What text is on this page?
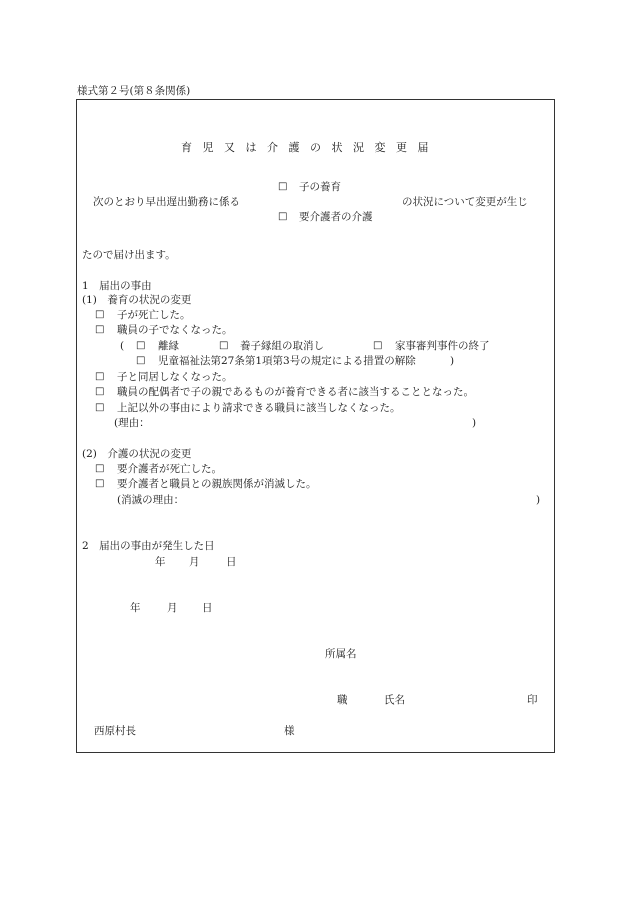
様式第２号(第８条関係)
育 児 又 は 介 護 の 状 況 変 更 届
□ 子の養育
次のとおり早出遅出勤務に係る	の状況について変更が生じ
□ 要介護者の介護
たので届け出ます。
1　届出の事由
(1)　養育の状況の変更
□ 子が死亡した。
□ 職員の子でなくなった。
( □ 離縁	□ 養子縁組の取消し	□ 家事審判事件の終了
□ 児童福祉法第27条第1項第3号の規定による措置の解除	)
□ 子と同居しなくなった。
□ 職員の配偶者で子の親であるものが養育できる者に該当することとなった。
□ 上記以外の事由により請求できる職員に該当しなくなった。
(理由：	)
(2)　介護の状況の変更
□ 要介護者が死亡した。
□ 要介護者と職員との親族関係が消滅した。
(消滅の理由：	)
2　届出の事由が発生した日
年 月	日
年	月 日
所属名
職	氏名	印
西原村長	様
